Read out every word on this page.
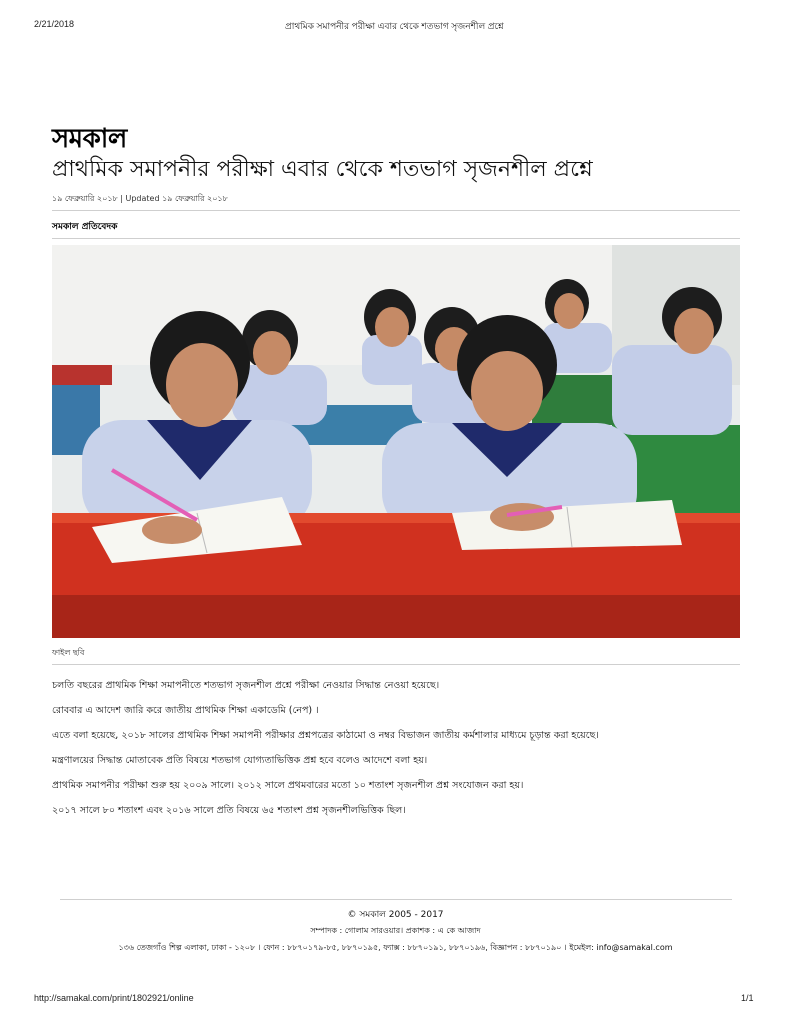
2/21/2018	প্রাথমিক সমাপনীর পরীক্ষা এবার থেকে শতভাগ সৃজনশীল প্রশ্নে
সমকাল
প্রাথমিক সমাপনীর পরীক্ষা এবার থেকে শতভাগ সৃজনশীল প্রশ্নে
১৯ ফেব্রুয়ারি ২০১৮ | Updated ১৯ ফেব্রুয়ারি ২০১৮
সমকাল প্রতিবেদক
ফাইল ছবি
চলতি বছরের প্রাথমিক শিক্ষা সমাপনীতে শতভাগ সৃজনশীল প্রশ্নে পরীক্ষা নেওয়ার সিদ্ধান্ত নেওয়া হয়েছে।
রোববার এ আদেশ জারি করে জাতীয় প্রাথমিক শিক্ষা একাডেমি (নেপ) ।
এতে বলা হয়েছে, ২০১৮ সালের প্রাথমিক শিক্ষা সমাপনী পরীক্ষার প্রশ্নপত্রের কাঠামো ও নম্বর বিভাজন জাতীয় কর্মশালার মাধ্যমে চূড়ান্ত করা হয়েছে।
মন্ত্রণালয়ের সিদ্ধান্ত মোতাবেক প্রতি বিষয়ে শতভাগ যোগ্যতাভিত্তিক প্রশ্ন হবে বলেও আদেশে বলা হয়।
প্রাথমিক সমাপনীর পরীক্ষা শুরু হয় ২০০৯ সালে। ২০১২ সালে প্রথমবারের মতো ১০ শতাংশ সৃজনশীল প্রশ্ন সংযোজন করা হয়।
২০১৭ সালে ৮০ শতাংশ এবং ২০১৬ সালে প্রতি বিষয়ে ৬৫ শতাংশ প্রশ্ন সৃজনশীলভিত্তিক ছিল।
© সমকাল 2005 - 2017
সম্পাদক : গোলাম সারওয়ার। প্রকাশক : এ কে আজাদ
১৩৬ তেজগাঁও শিল্প এলাকা, ঢাকা - ১২০৮ । ফোন : ৮৮৭০১৭৯-৮৫, ৮৮৭০১৯৫, ফ্যাক্স : ৮৮৭০১৯১, ৮৮৭০১৯৬, বিজ্ঞাপন : ৮৮৭০১৯০ । ইমেইল: info@samakal.com
http://samakal.com/print/1802921/online	1/1
